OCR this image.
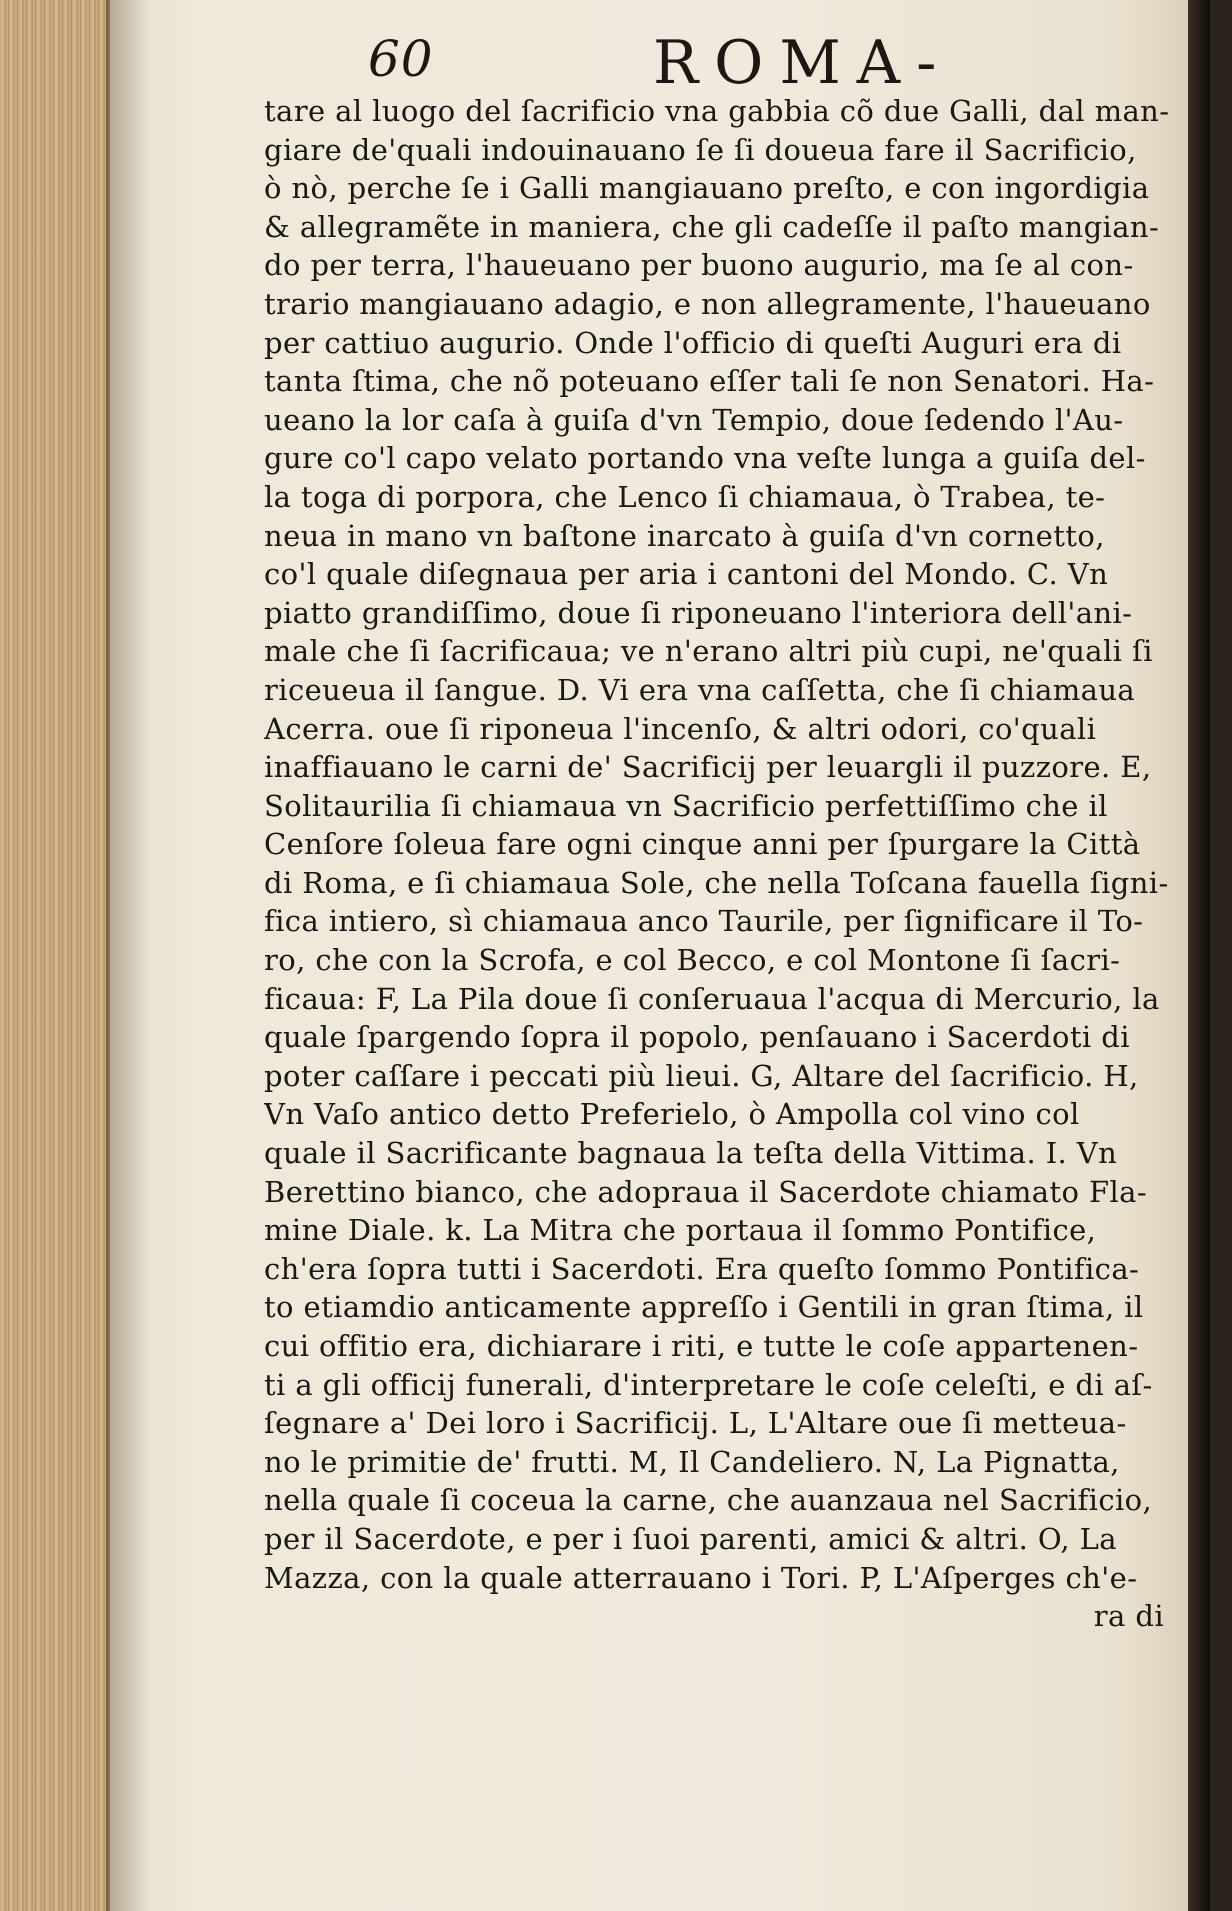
60	ROMA-
tare al luogo del ſacrificio vna gabbia cõ due Galli, dal man-
giare de'quali indouinauano ſe ſi doueua fare il Sacrificio,
ò nò, perche ſe i Galli mangiauano preſto, e con ingordigia
& allegramẽte in maniera, che gli cadeſſe il paſto mangian-
do per terra, l'haueuano per buono augurio, ma ſe al con-
trario mangiauano adagio, e non allegramente, l'haueuano
per cattiuo augurio. Onde l'officio di queſti Auguri era di
tanta ſtima, che nõ poteuano eſſer tali ſe non Senatori. Ha-
ueano la lor caſa à guiſa d'vn Tempio, doue ſedendo l'Au-
gure co'l capo velato portando vna veſte lunga a guiſa del-
la toga di porpora, che Lenco ſi chiamaua, ò Trabea, te-
neua in mano vn baſtone inarcato à guiſa d'vn cornetto,
co'l quale diſegnaua per aria i cantoni del Mondo. C. Vn
piatto grandiſſimo, doue ſi riponeuano l'interiora dell'ani-
male che ſi ſacrificaua; ve n'erano altri più cupi, ne'quali ſi
riceueua il ſangue. D. Vi era vna caſſetta, che ſi chiamaua
Acerra. oue ſi riponeua l'incenſo, & altri odori, co'quali
inaffiauano le carni de' Sacrificij per leuargli il puzzore. E,
Solitaurilia ſi chiamaua vn Sacrificio perfettiſſimo che il
Cenſore ſoleua fare ogni cinque anni per ſpurgare la Città
di Roma, e ſi chiamaua Sole, che nella Toſcana fauella ſigni-
fica intiero, sì chiamaua anco Taurile, per ſignificare il To-
ro, che con la Scrofa, e col Becco, e col Montone ſi ſacri-
ficaua: F, La Pila doue ſi conſeruaua l'acqua di Mercurio, la
quale ſpargendo ſopra il popolo, penſauano i Sacerdoti di
poter caſſare i peccati più lieui. G, Altare del ſacrificio. H,
Vn Vaſo antico detto Preferielo, ò Ampolla col vino col
quale il Sacrificante bagnaua la teſta della Vittima. I. Vn
Berettino bianco, che adopraua il Sacerdote chiamato Fla-
mine Diale. k. La Mitra che portaua il ſommo Pontifice,
ch'era ſopra tutti i Sacerdoti. Era queſto ſommo Pontifica-
to etiamdio anticamente appreſſo i Gentili in gran ſtima, il
cui offitio era, dichiarare i riti, e tutte le coſe appartenen-
ti a gli officij funerali, d'interpretare le coſe celeſti, e di aſ-
ſegnare a' Dei loro i Sacrificij. L, L'Altare oue ſi metteua-
no le primitie de' frutti. M, Il Candeliero. N, La Pignatta,
nella quale ſi coceua la carne, che auanzaua nel Sacrificio,
per il Sacerdote, e per i ſuoi parenti, amici & altri. O, La
Mazza, con la quale atterrauano i Tori. P, L'Aſperges ch'e-
ra di
